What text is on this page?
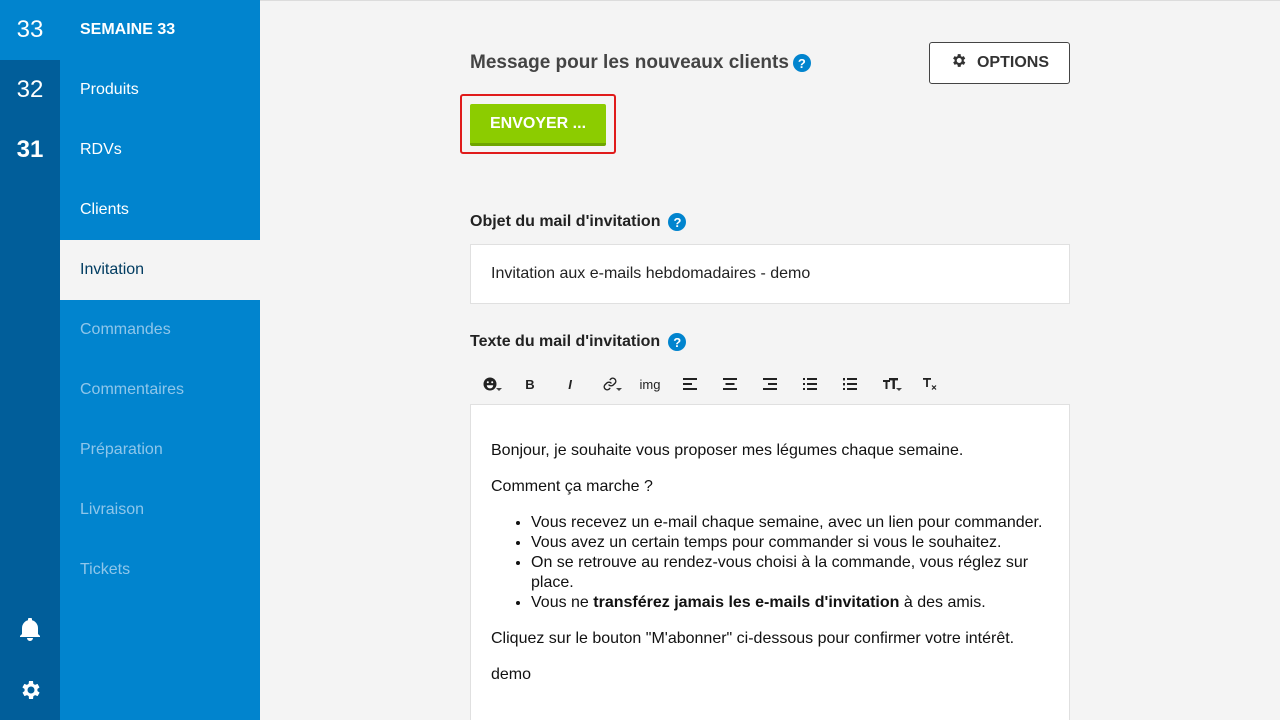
33
32
31
SEMAINE 33
Produits
RDVs
Clients
Invitation
Commandes
Commentaires
Préparation
Livraison
Tickets
Message pour les nouveaux clients ?	OPTIONS
ENVOYER ...
Objet du mail d'invitation	?
Invitation aux e-mails hebdomadaires - demo
Texte du mail d'invitation	?
B	I	img

Bonjour, je souhaite vous proposer mes légumes chaque semaine.

Comment ça marche ?

• Vous recevez un e-mail chaque semaine, avec un lien pour commander.
• Vous avez un certain temps pour commander si vous le souhaitez.
• On se retrouve au rendez-vous choisi à la commande, vous réglez sur place.
• Vous ne transférez jamais les e-mails d'invitation à des amis.

Cliquez sur le bouton "M'abonner" ci-dessous pour confirmer votre intérêt.

demo
